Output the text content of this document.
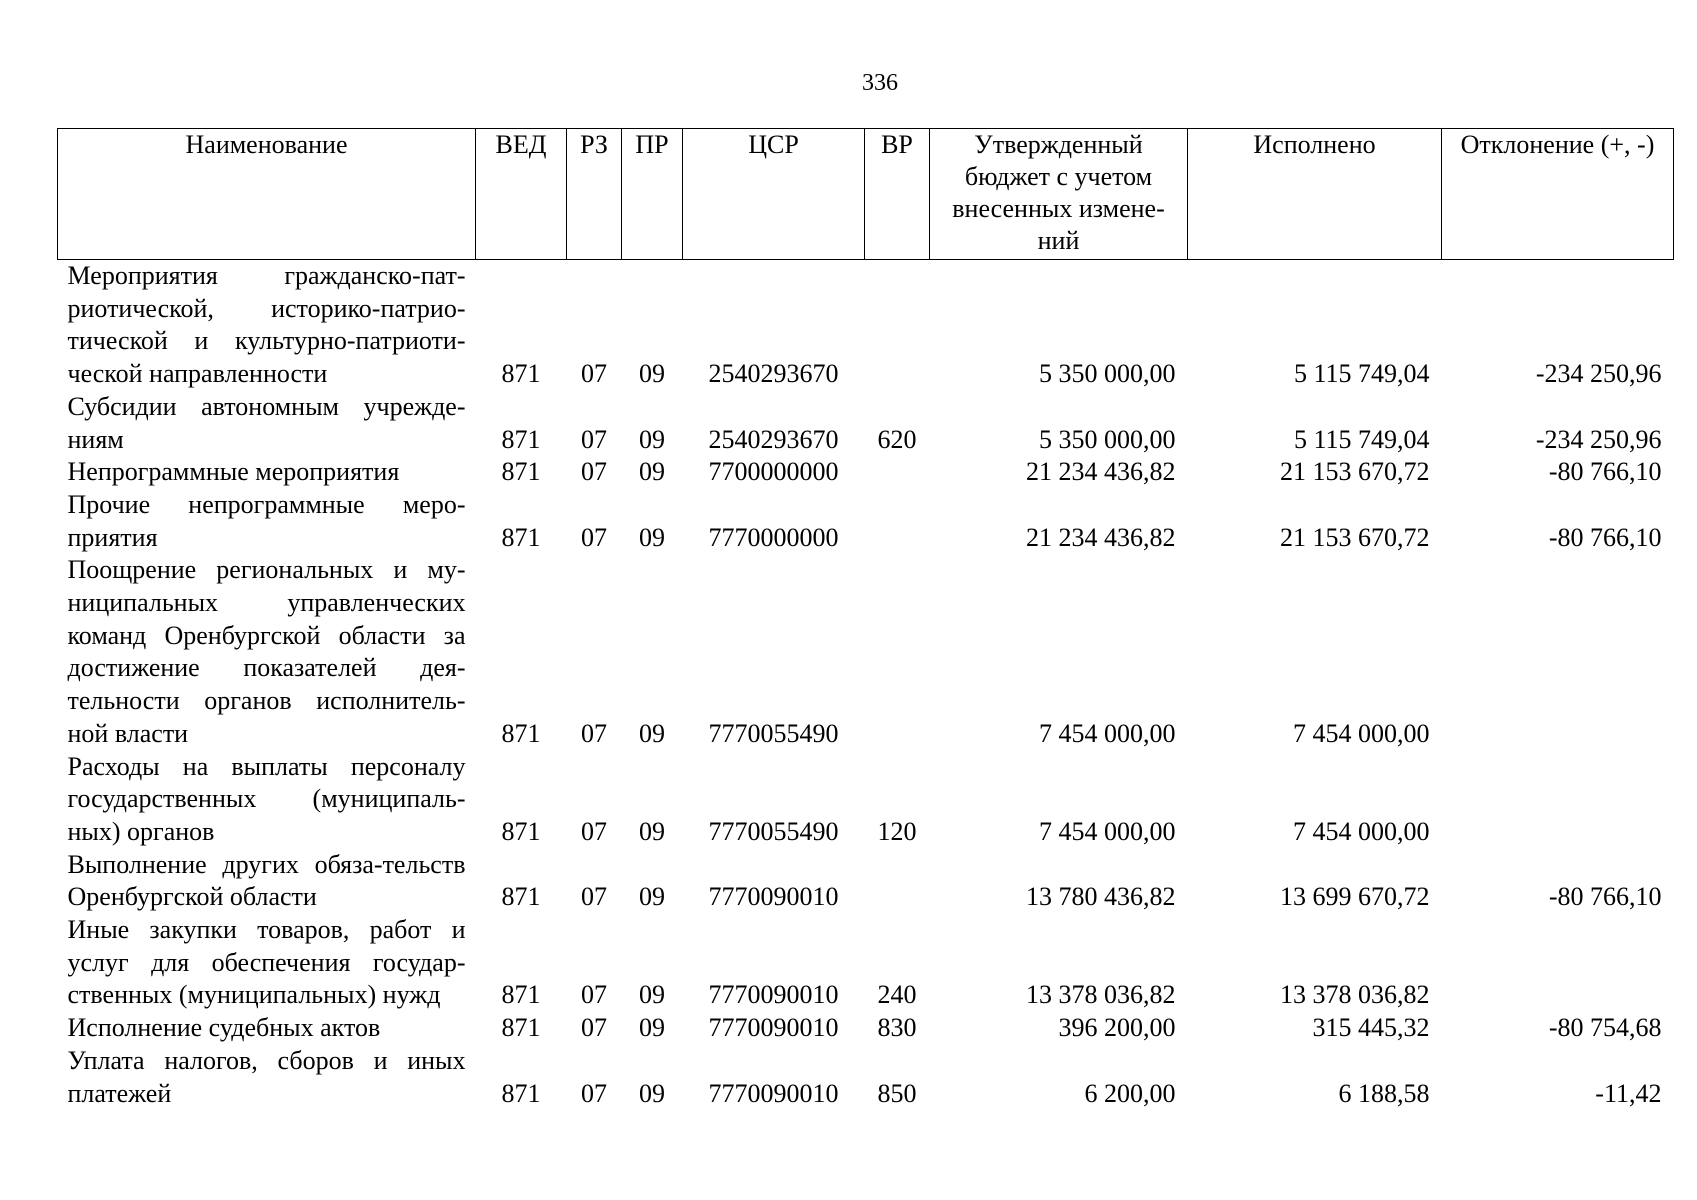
336
Наименование	ВЕД	РЗ	ПР	ЦСР	ВР	Утвержденный бюджет с учетом внесенных измене-ний	Исполнено	Отклонение (+, -)
Мероприятия гражданско-пат-риотической, историко-патрио-тической и культурно-патриоти-ческой направленности	871	07	09	2540293670		5 350 000,00	5 115 749,04	-234 250,96
Субсидии автономным учрежде-ниям	871	07	09	2540293670	620	5 350 000,00	5 115 749,04	-234 250,96
Непрограммные мероприятия	871	07	09	7700000000		21 234 436,82	21 153 670,72	-80 766,10
Прочие непрограммные меро-приятия	871	07	09	7770000000		21 234 436,82	21 153 670,72	-80 766,10
Поощрение региональных и му-ниципальных управленческих команд Оренбургской области за достижение показателей дея-тельности органов исполнитель-ной власти	871	07	09	7770055490		7 454 000,00	7 454 000,00	
Расходы на выплаты персоналу государственных (муниципаль-ных) органов	871	07	09	7770055490	120	7 454 000,00	7 454 000,00	
Выполнение других обяза-тельств Оренбургской области	871	07	09	7770090010		13 780 436,82	13 699 670,72	-80 766,10
Иные закупки товаров, работ и услуг для обеспечения государ-ственных (муниципальных) нужд	871	07	09	7770090010	240	13 378 036,82	13 378 036,82	
Исполнение судебных актов	871	07	09	7770090010	830	396 200,00	315 445,32	-80 754,68
Уплата налогов, сборов и иных платежей	871	07	09	7770090010	850	6 200,00	6 188,58	-11,42
